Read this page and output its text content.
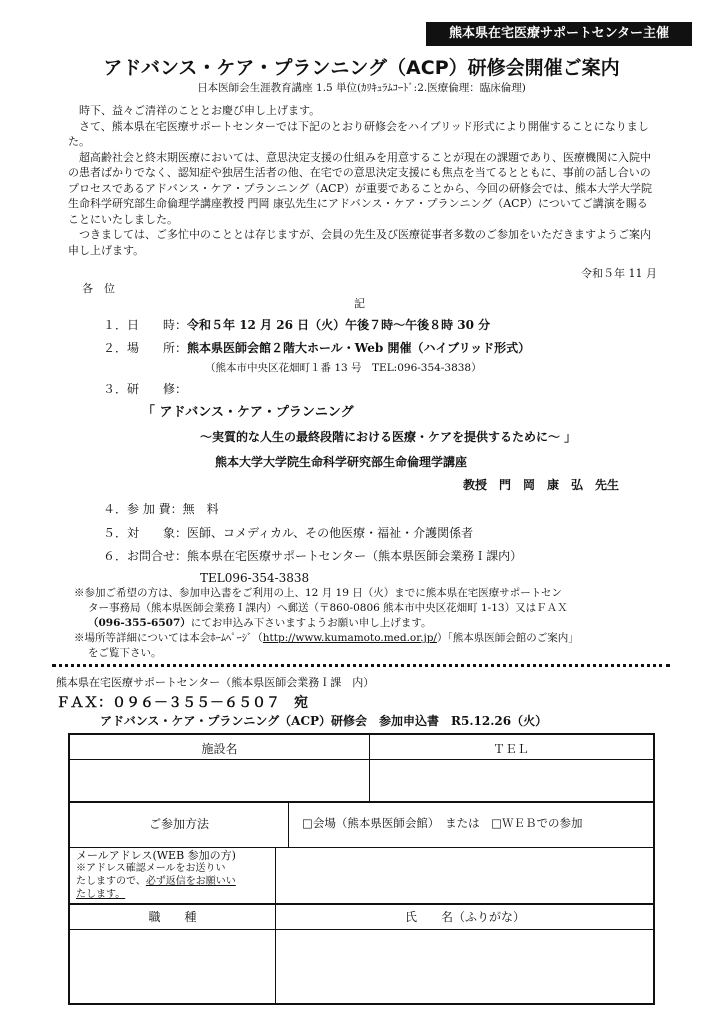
熊本県在宅医療サポートセンター主催
アドバンス・ケア・プランニング（ACP）研修会開催ご案内
日本医師会生涯教育講座 1.5 単位(ｶﾘｷｭﾗﾑｺｰﾄﾞ:2.医療倫理：臨床倫理)

　時下、益々ご清祥のこととお慶び申し上げます。

　さて、熊本県在宅医療サポートセンターでは下記のとおり研修会をハイブリッド形式により開催することになりました。

　超高齢社会と終末期医療においては、意思決定支援の仕組みを用意することが現在の課題であり、医療機関に入院中の患者ばかりでなく、認知症や独居生活者の他、在宅での意思決定支援にも焦点を当てるとともに、事前の話し合いのプロセスであるアドバンス・ケア・プランニング（ACP）が重要であることから、今回の研修会では、熊本大学大学院生命科学研究部生命倫理学講座教授 門岡 康弘先生にアドバンス・ケア・プランニング（ACP）についてご講演を賜ることにいたしました。

　つきましては、ご多忙中のこととは存じますが、会員の先生及び医療従事者多数のご参加をいただきますようご案内申し上げます。

令和５年 11 月
各　位
記
１．日　　時：令和５年 12 月 26 日（火）午後７時～午後８時 30 分
２．場　　所：熊本県医師会館２階大ホール・Web 開催（ハイブリッド形式）
（熊本市中央区花畑町１番 13 号　TEL:096-354-3838）
３．研　　修：
「 アドバンス・ケア・プランニング
～実質的な人生の最終段階における医療・ケアを提供するために～ 」
熊本大学大学院生命科学研究部生命倫理学講座
教授　門　岡　康　弘　先生
４．参 加 費：無　料
５．対　　象：医師、コメディカル、その他医療・福祉・介護関係者
６．お問合せ：熊本県在宅医療サポートセンター（熊本県医師会業務Ｉ課内）
TEL096-354-3838

※参加ご希望の方は、参加申込書をご利用の上、12 月 19 日（火）までに熊本県在宅医療サポートセン

ター事務局（熊本県医師会業務Ｉ課内）へ郵送（〒860-0806 熊本市中央区花畑町 1-13）又はＦＡＸ

（096-355-6507）にてお申込み下さいますようお願い申し上げます。

※場所等詳細については本会ﾎｰﾑﾍﾟｰｼﾞ（http://www.kumamoto.med.or.jp/）「熊本県医師会館のご案内」

をご覧下さい。

熊本県在宅医療サポートセンター（熊本県医師会業務Ｉ課　内）
ＦＡＸ：０９６－３５５－６５０７　宛
アドバンス・ケア・プランニング（ACP）研修会　参加申込書　R5.12.26（火）
施設名	ＴＥＬ
ご参加方法	□会場（熊本県医師会館）　または　□ＷＥＢでの参加
メールアドレス(WEB 参加の方)
※アドレス確認メールをお送りい
たしますので、必ず返信をお願いい
たします。
職　　種	氏　　名（ふりがな）
